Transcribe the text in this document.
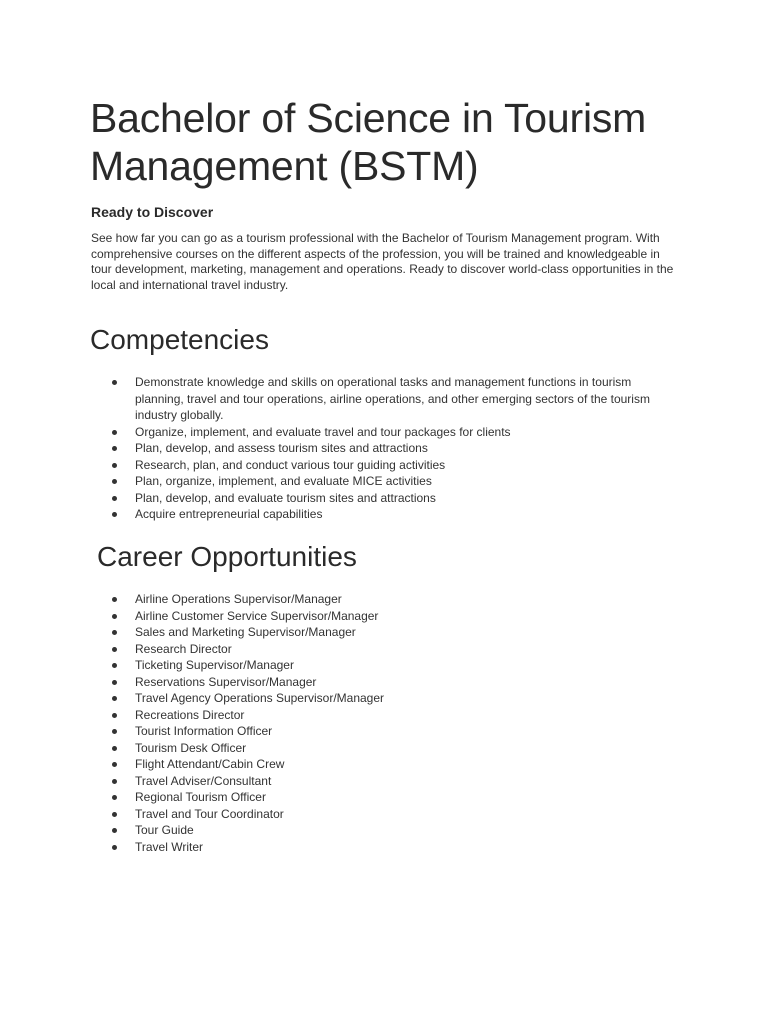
Bachelor of Science in Tourism Management (BSTM)
Ready to Discover

See how far you can go as a tourism professional with the Bachelor of Tourism Management program. With comprehensive courses on the different aspects of the profession, you will be trained and knowledgeable in tour development, marketing, management and operations. Ready to discover world-class opportunities in the local and international travel industry.

Competencies
Demonstrate knowledge and skills on operational tasks and management functions in tourism planning, travel and tour operations, airline operations, and other emerging sectors of the tourism industry globally.
Organize, implement, and evaluate travel and tour packages for clients
Plan, develop, and assess tourism sites and attractions
Research, plan, and conduct various tour guiding activities
Plan, organize, implement, and evaluate MICE activities
Plan, develop, and evaluate tourism sites and attractions
Acquire entrepreneurial capabilities
Career Opportunities
Airline Operations Supervisor/Manager
Airline Customer Service Supervisor/Manager
Sales and Marketing Supervisor/Manager
Research Director
Ticketing Supervisor/Manager
Reservations Supervisor/Manager
Travel Agency Operations Supervisor/Manager
Recreations Director
Tourist Information Officer
Tourism Desk Officer
Flight Attendant/Cabin Crew
Travel Adviser/Consultant
Regional Tourism Officer
Travel and Tour Coordinator
Tour Guide
Travel Writer
